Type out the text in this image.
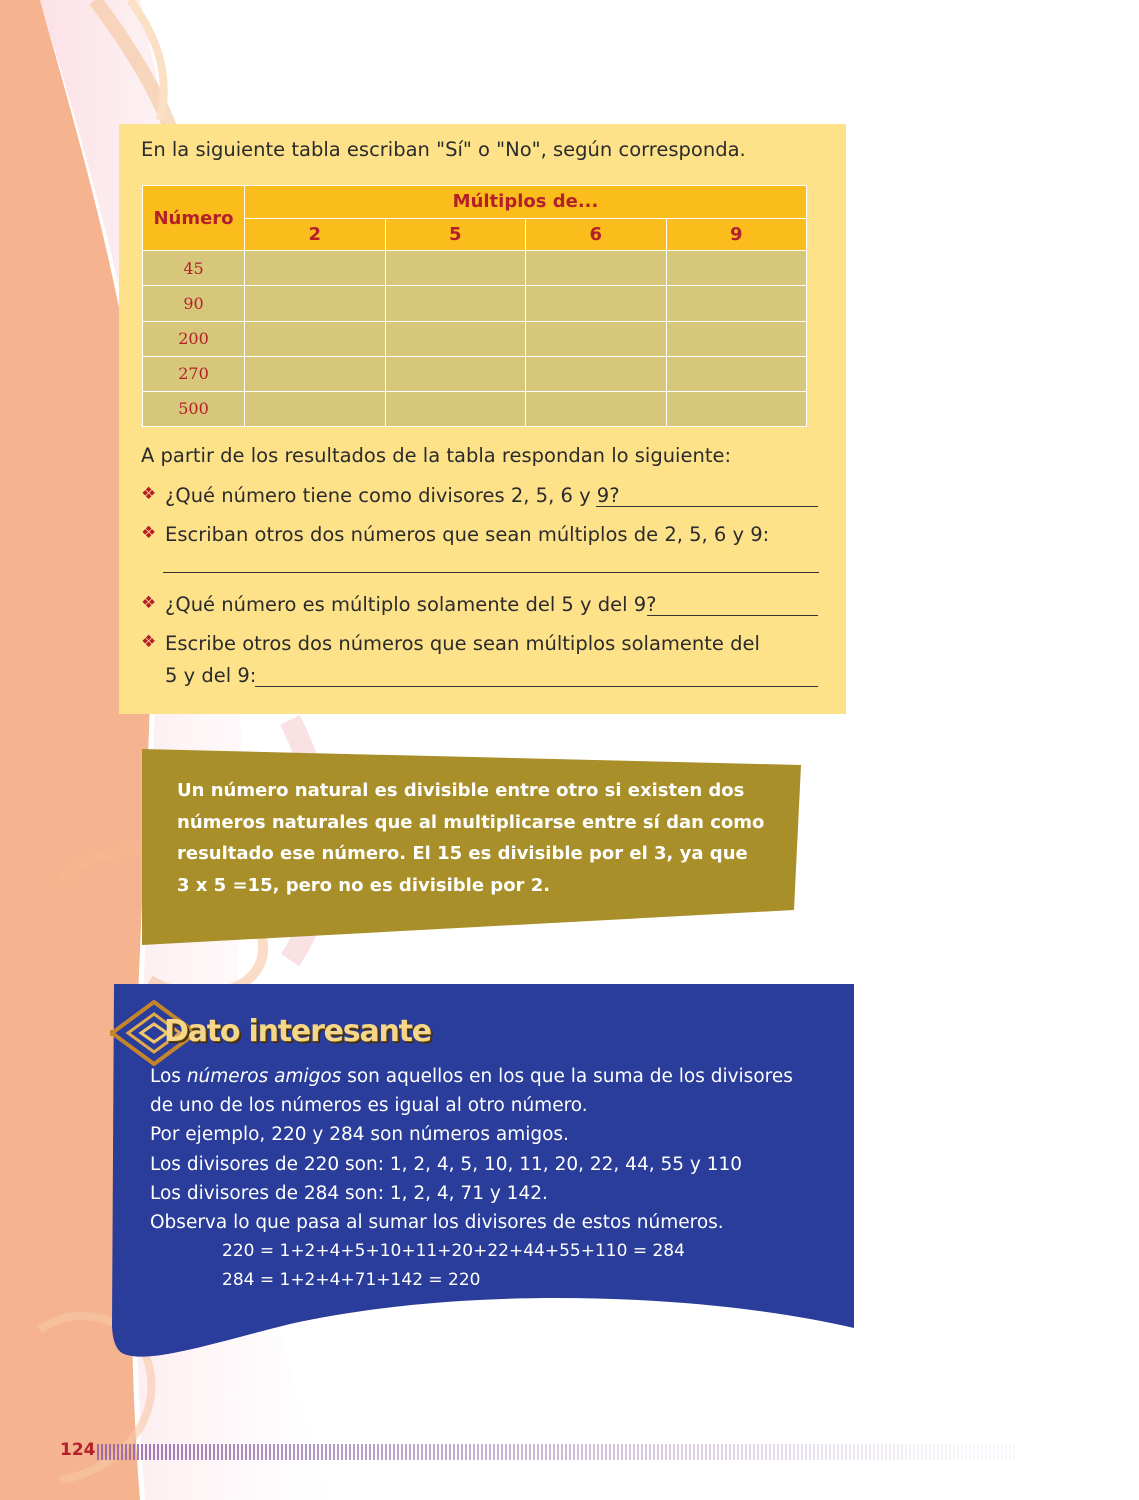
En la siguiente tabla escriban "Sí" o "No", según corresponda.
Número	Múltiplos de...			
	2	5	6	9
45				
90				
200				
270				
500				
A partir de los resultados de la tabla respondan lo siguiente:
❖ ¿Qué número tiene como divisores 2, 5, 6 y 9?
❖ Escriban otros dos números que sean múltiplos de 2, 5, 6 y 9:
❖ ¿Qué número es múltiplo solamente del 5 y del 9?
❖ Escribe otros dos números que sean múltiplos solamente del
5 y del 9:
Un número natural es divisible entre otro si existen dos
números naturales que al multiplicarse entre sí dan como
resultado ese número. El 15 es divisible por el 3, ya que
3 x 5 =15, pero no es divisible por 2.
Dato interesante

Los números amigos son aquellos en los que la suma de los divisores

de uno de los números es igual al otro número.

Por ejemplo, 220 y 284 son números amigos.

Los divisores de 220 son: 1, 2, 4, 5, 10, 11, 20, 22, 44, 55 y 110

Los divisores de 284 son: 1, 2, 4, 71 y 142.

Observa lo que pasa al sumar los divisores de estos números.

220 = 1+2+4+5+10+11+20+22+44+55+110 = 284

284 = 1+2+4+71+142 = 220

124
